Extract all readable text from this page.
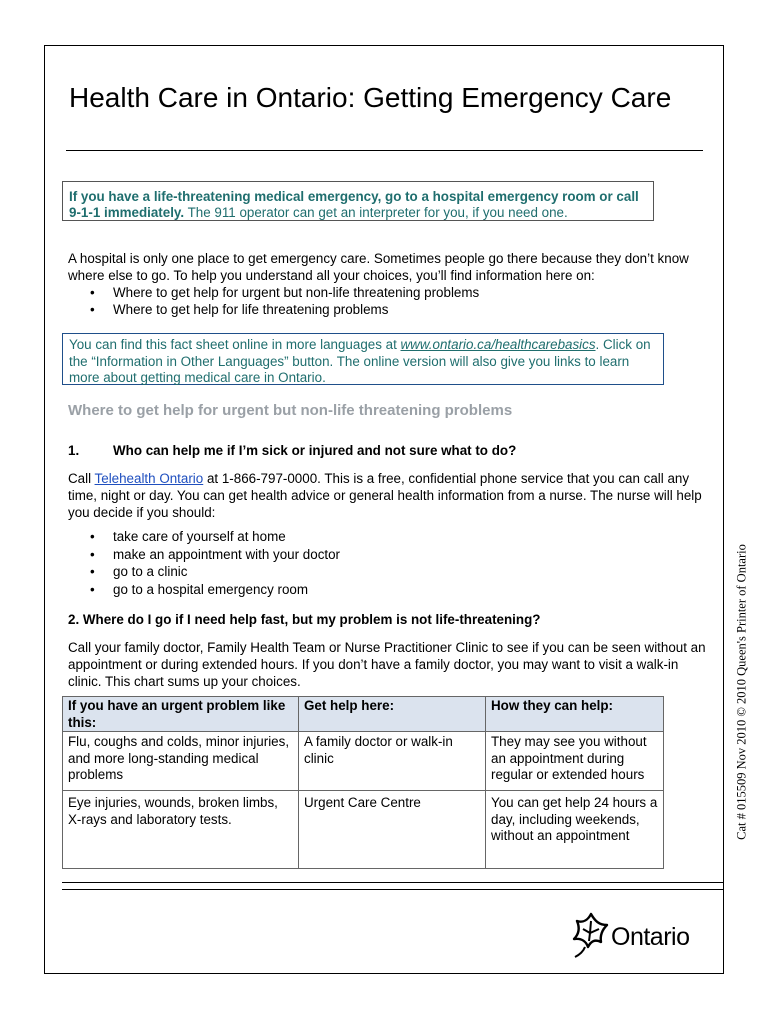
Health Care in Ontario: Getting Emergency Care
If you have a life-threatening medical emergency, go to a hospital emergency room or call 9-1-1 immediately. The 911 operator can get an interpreter for you, if you need one.
A hospital is only one place to get emergency care. Sometimes people go there because they don’t know where else to go. To help you understand all your choices, you’ll find information here on:
• Where to get help for urgent but non-life threatening problems
• Where to get help for life threatening problems
You can find this fact sheet online in more languages at www.ontario.ca/healthcarebasics. Click on the “Information in Other Languages” button. The online version will also give you links to learn more about getting medical care in Ontario.
Where to get help for urgent but non-life threatening problems
1.	Who can help me if I’m sick or injured and not sure what to do?
Call Telehealth Ontario at 1-866-797-0000. This is a free, confidential phone service that you can call any time, night or day. You can get health advice or general health information from a nurse. The nurse will help you decide if you should:
• take care of yourself at home
• make an appointment with your doctor
• go to a clinic
• go to a hospital emergency room
2. Where do I go if I need help fast, but my problem is not life-threatening?
Call your family doctor, Family Health Team or Nurse Practitioner Clinic to see if you can be seen without an appointment or during extended hours. If you don’t have a family doctor, you may want to visit a walk-in clinic. This chart sums up your choices.
If you have an urgent problem like this:	Get help here:	How they can help:
Flu, coughs and colds, minor injuries, and more long-standing medical problems	A family doctor or walk-in clinic	They may see you without an appointment during regular or extended hours
Eye injuries, wounds, broken limbs, X-rays and laboratory tests.	Urgent Care Centre	You can get help 24 hours a day, including weekends, without an appointment	Cat # 015509 Nov 2010 © 2010 Queen's Printer of Ontario
Ontario
